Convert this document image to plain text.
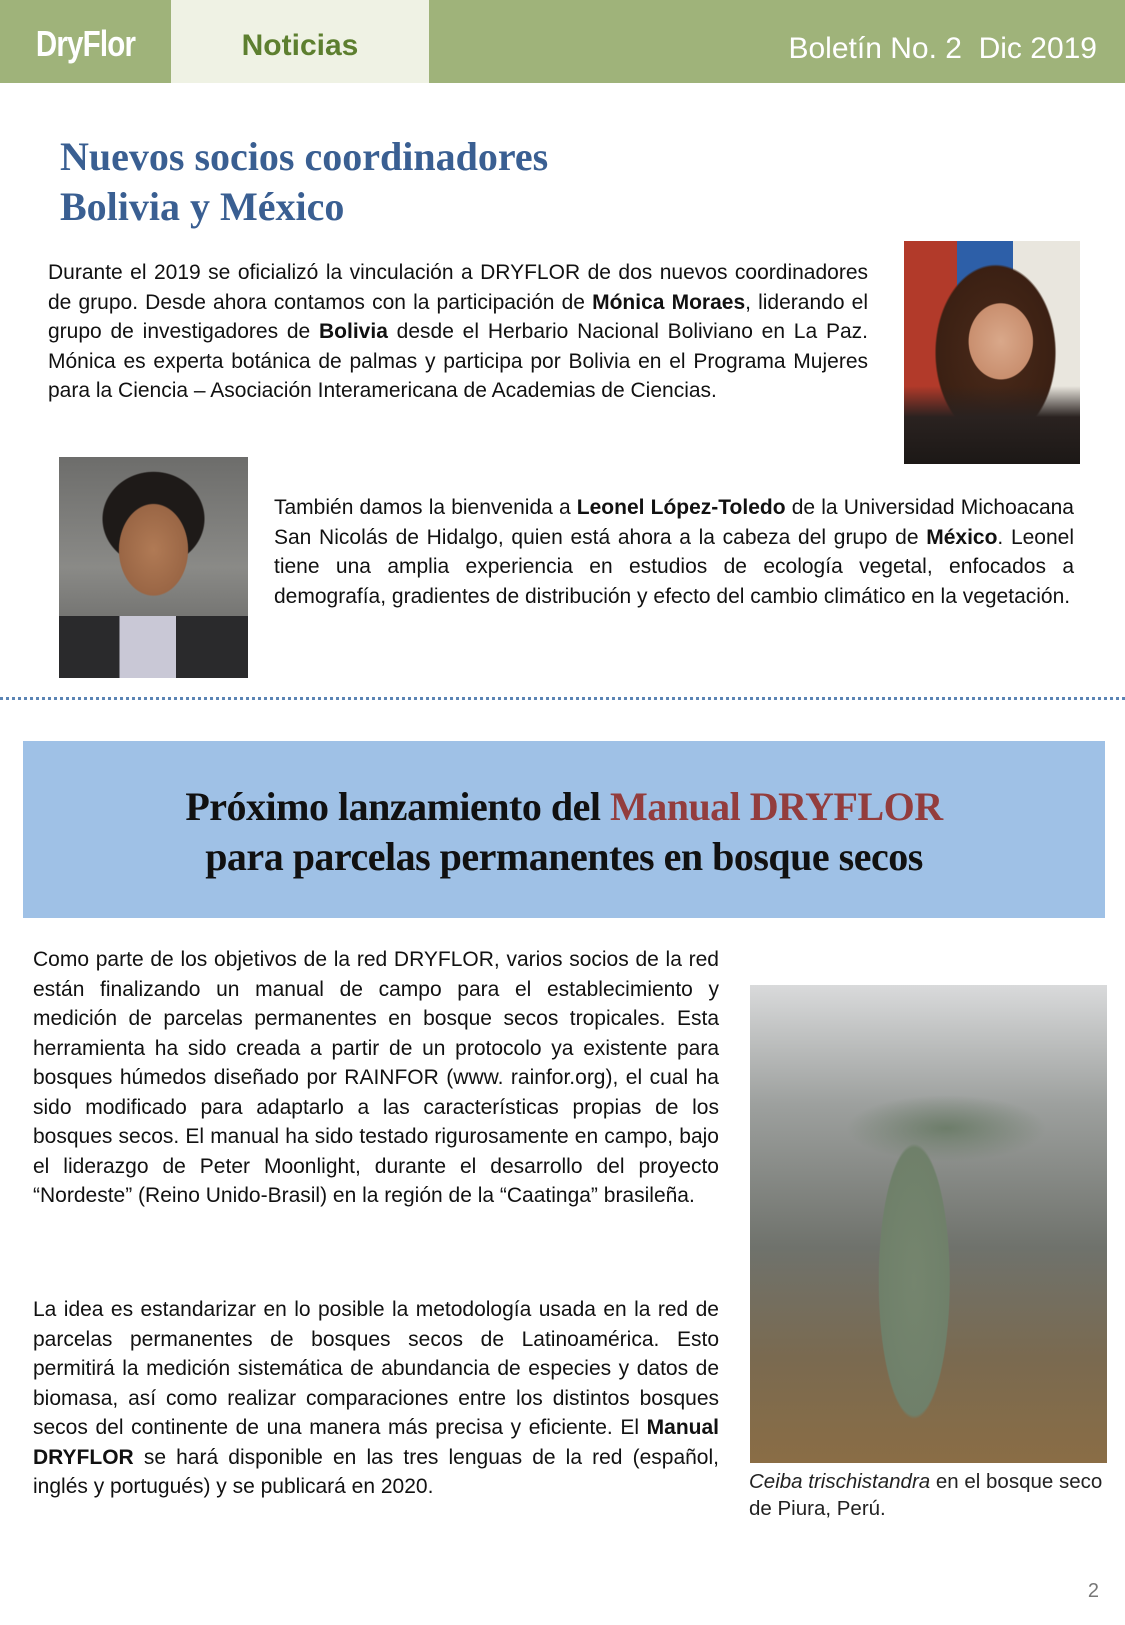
DryFlor	Noticias	Boletín No. 2  Dic 2019
Nuevos socios coordinadores
Bolivia y México

Durante el 2019 se oficializó la vinculación a DRYFLOR de dos nuevos coordinadores de grupo. Desde ahora contamos con la participación de Mónica Moraes, liderando el grupo de investigadores de Bolivia desde el Herbario Nacional Boliviano en La Paz. Mónica es experta botánica de palmas y participa por Bolivia en el Programa Mujeres para la Ciencia – Asociación Interamericana de Academias de Ciencias.

También damos la bienvenida a Leonel López-Toledo de la Universidad Michoacana San Nicolás de Hidalgo, quien está ahora a la cabeza del grupo de México. Leonel tiene una amplia experiencia en estudios de ecología vegetal, enfocados a demografía, gradientes de distribución y efecto del cambio climático en la vegetación.

Próximo lanzamiento del Manual DRYFLOR
para parcelas permanentes en bosque secos

Como parte de los objetivos de la red DRYFLOR, varios socios de la red están finalizando un manual de campo para el establecimiento y medición de parcelas permanentes en bosque secos tropicales. Esta herramienta ha sido creada a partir de un protocolo ya existente para bosques húmedos diseñado por RAINFOR (www. rainfor.org), el cual ha sido modificado para adaptarlo a las características propias de los bosques secos. El manual ha sido testado rigurosamente en campo, bajo el liderazgo de Peter Moonlight, durante el desarrollo del proyecto “Nordeste” (Reino Unido-Brasil) en la región de la “Caatinga” brasileña.

La idea es estandarizar en lo posible la metodología usada en la red de parcelas permanentes de bosques secos de Latinoamérica. Esto permitirá la medición sistemática de abundancia de especies y datos de biomasa, así como realizar comparaciones entre los distintos bosques secos del continente de una manera más precisa y eficiente. El Manual DRYFLOR se hará disponible en las tres lenguas de la red (español, inglés y portugués) y se publicará en 2020.	Ceiba trischistandra en el bosque seco de Piura, Perú.

2
